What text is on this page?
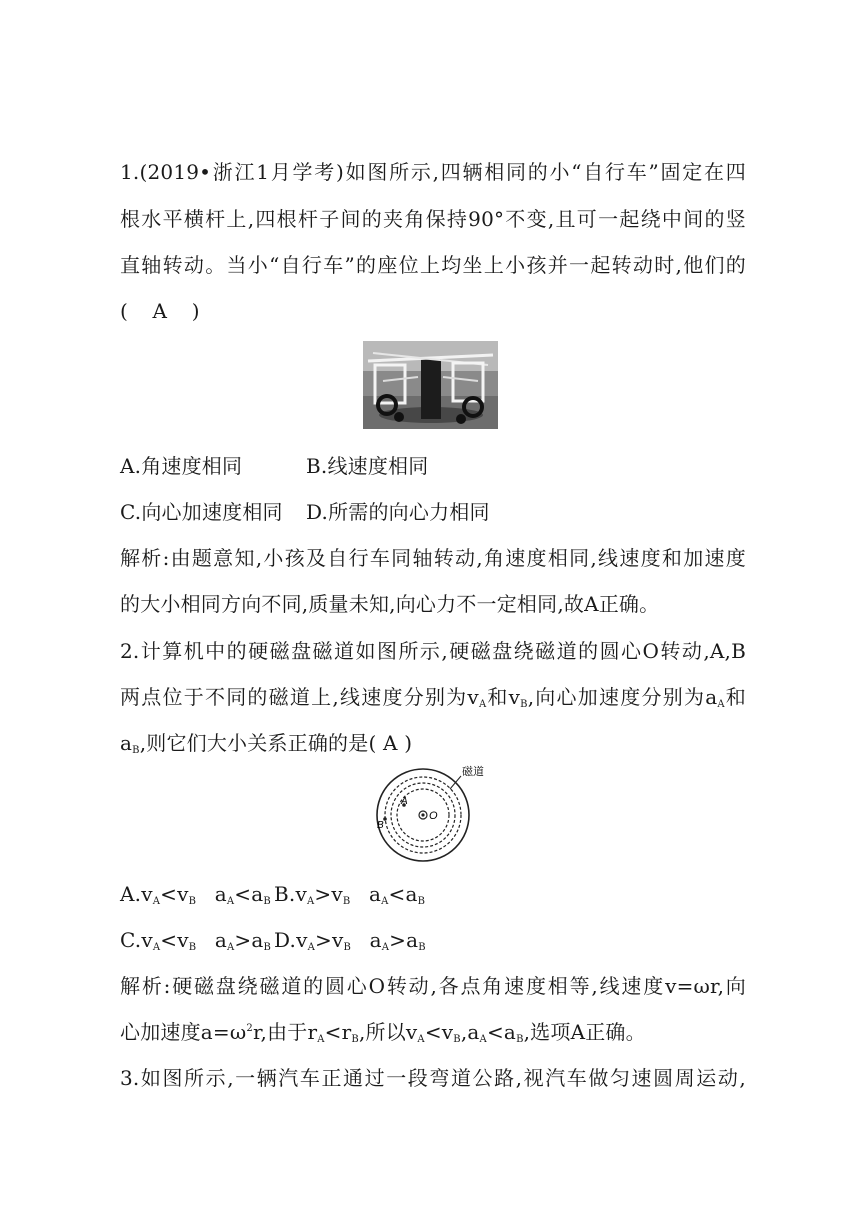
1.(2019•浙江1月学考)如图所示,四辆相同的小“自行车”固定在四
根水平横杆上,四根杆子间的夹角保持90°不变,且可一起绕中间的竖
直轴转动。当小“自行车”的座位上均坐上小孩并一起转动时,他们的
( A )
A.角速度相同	B.线速度相同
C.向心加速度相同 D.所需的向心力相同
解析:由题意知,小孩及自行车同轴转动,角速度相同,线速度和加速度
的大小相同方向不同,质量未知,向心力不一定相同,故A正确。
2.计算机中的硬磁盘磁道如图所示,硬磁盘绕磁道的圆心O转动,A,B
两点位于不同的磁道上,线速度分别为$v_A$和$v_B$,向心加速度分别为$a_A$和
$a_B$,则它们大小关系正确的是( A )
磁道
A
B
O
$A.v_A<v_B$ $a_A<a_B$ $B.v_A>v_B$ $a_A<a_B$
$C.v_A<v_B$ $a_A>a_B$ $D.v_A>v_B$ $a_A>a_B$
解析:硬磁盘绕磁道的圆心O转动,各点角速度相等,线速度v=ωr,向
心加速度$a=\omega^2r$,由于$r_A<r_B$,所以$v_A<v_B,a_A<a_B$,选项A正确。
3.如图所示,一辆汽车正通过一段弯道公路,视汽车做匀速圆周运动,
